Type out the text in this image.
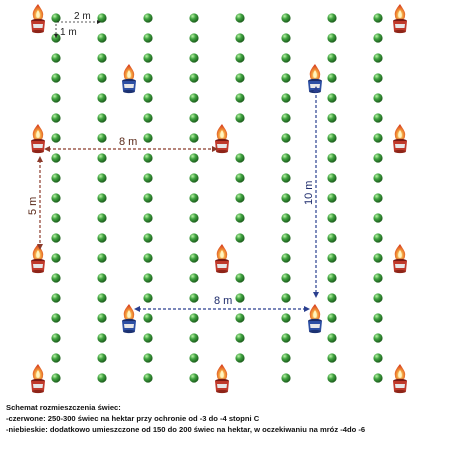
2 m
1 m
8 m
5 m
10 m
8 m
Schemat rozmieszczenia świec:
-czerwone: 250-300 świec na hektar przy ochronie od -3 do -4 stopni C
-niebieskie: dodatkowo umieszczone od 150 do 200 świec na hektar, w oczekiwaniu na mróz -4do -6
